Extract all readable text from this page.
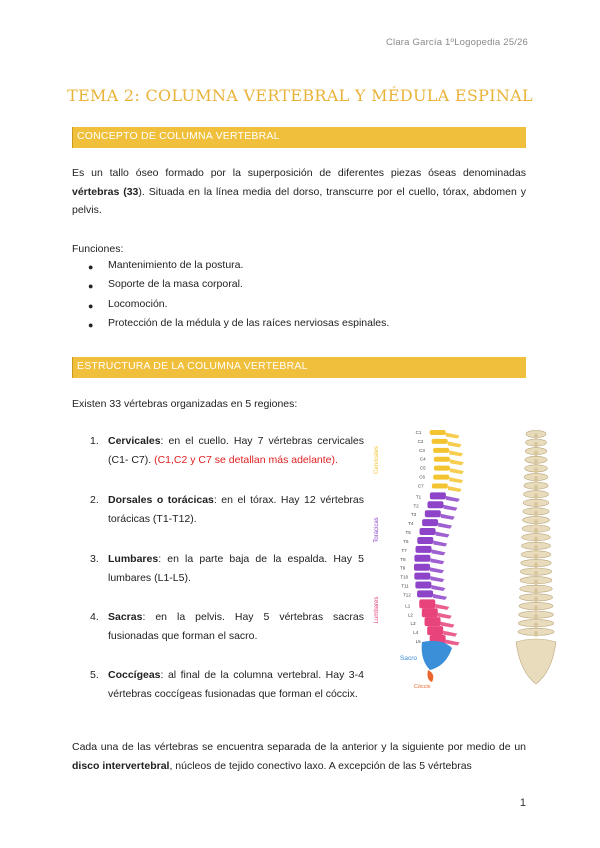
Clara García 1ºLogopedia 25/26
TEMA 2: COLUMNA VERTEBRAL Y MÉDULA ESPINAL
CONCEPTO DE COLUMNA VERTEBRAL
Es un tallo óseo formado por la superposición de diferentes piezas óseas denominadas vértebras (33). Situada en la línea media del dorso, transcurre por el cuello, tórax, abdomen y pelvis.
Funciones:
●	Mantenimiento de la postura.
●	Soporte de la masa corporal.
●	Locomoción.
●	Protección de la médula y de las raíces nerviosas espinales.
ESTRUCTURA DE LA COLUMNA VERTEBRAL
Existen 33 vértebras organizadas en 5 regiones:
1. Cervicales: en el cuello. Hay 7 vértebras cervicales (C1- C7). (C1,C2 y C7 se detallan más adelante).
2. Dorsales o torácicas: en el tórax. Hay 12 vértebras torácicas (T1-T12).
3. Lumbares: en la parte baja de la espalda. Hay 5 lumbares (L1-L5).
4. Sacras: en la pelvis. Hay 5 vértebras sacras fusionadas que forman el sacro.
5. Coccígeas: al final de la columna vertebral. Hay 3-4 vértebras coccígeas fusionadas que forman el cóccix.
C1
C2
C3
C4
C5
C6
C7
T1
T2
T3
T4
T5
T6
T7
T8
T9
T10
T11
T12
L1
L2
L3
L4
L5
Cervicales
Torácicas
Lumbares
Sacro
Cóccix
Cada una de las vértebras se encuentra separada de la anterior y la siguiente por medio de un disco intervertebral, núcleos de tejido conectivo laxo. A excepción de las 5 vértebras
1
